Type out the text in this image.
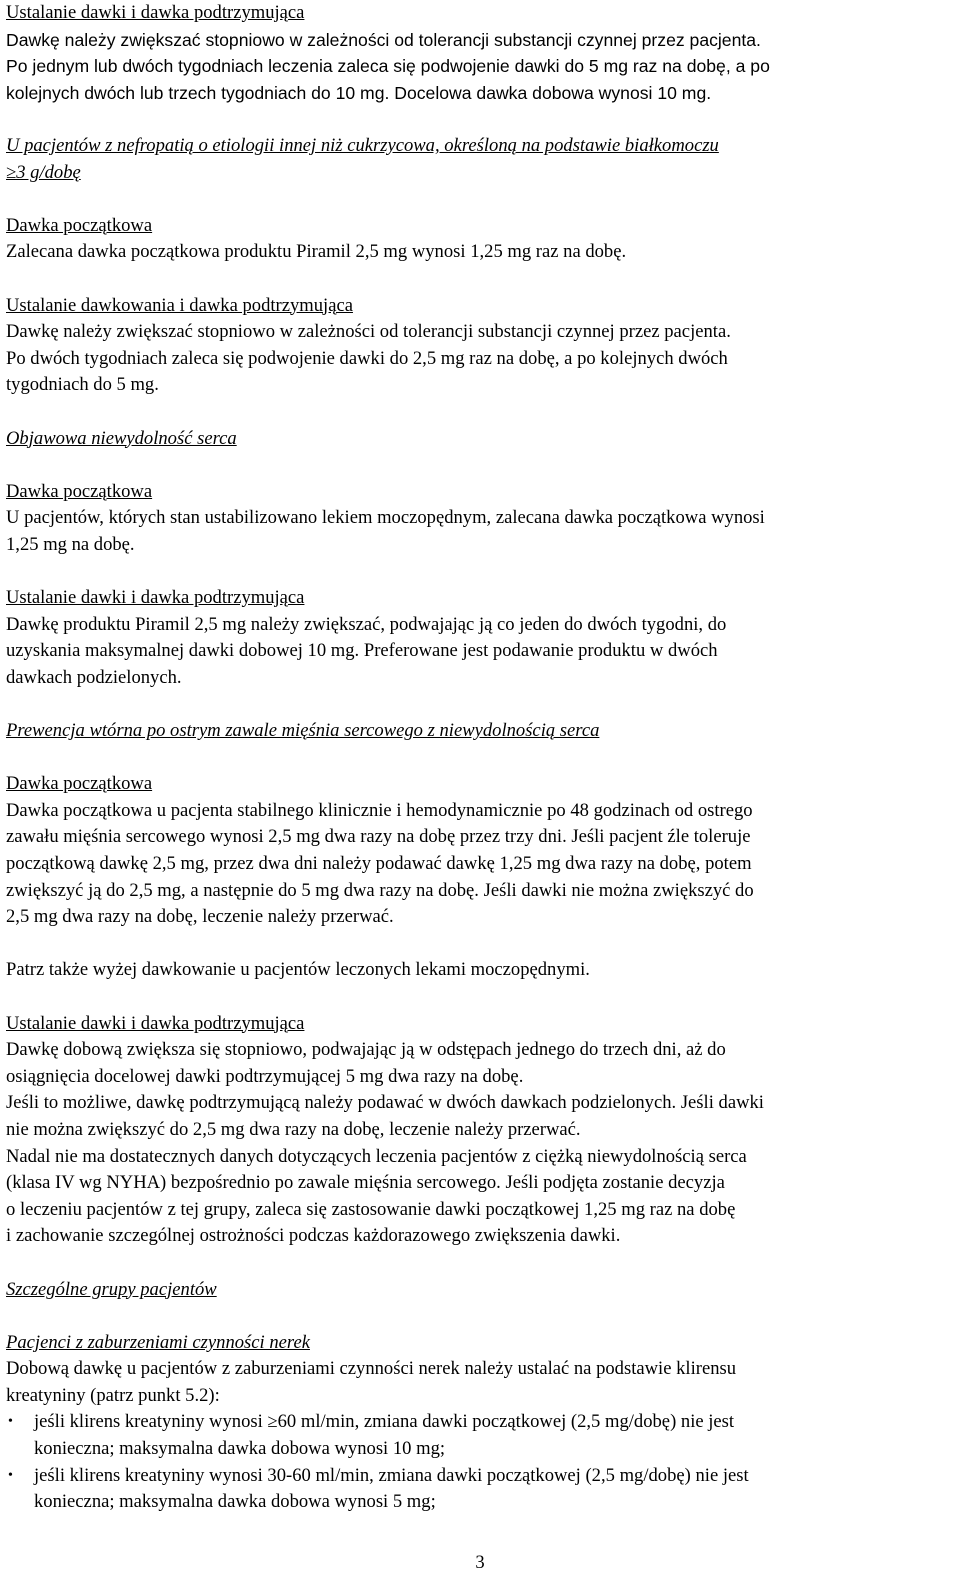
Ustalanie dawki i dawka podtrzymująca

Dawkę należy zwiększać stopniowo w zależności od tolerancji substancji czynnej przez pacjenta.

Po jednym lub dwóch tygodniach leczenia zaleca się podwojenie dawki do 5 mg raz na dobę, a po

kolejnych dwóch lub trzech tygodniach do 10 mg. Docelowa dawka dobowa wynosi 10 mg.

U pacjentów z nefropatią o etiologii innej niż cukrzycowa, określoną na podstawie białkomoczu

≥3 g/dobę

Dawka początkowa

Zalecana dawka początkowa produktu Piramil 2,5 mg wynosi 1,25 mg raz na dobę.

Ustalanie dawkowania i dawka podtrzymująca

Dawkę należy zwiększać stopniowo w zależności od tolerancji substancji czynnej przez pacjenta.

Po dwóch tygodniach zaleca się podwojenie dawki do 2,5 mg raz na dobę, a po kolejnych dwóch

tygodniach do 5 mg.

Objawowa niewydolność serca

Dawka początkowa

U pacjentów, których stan ustabilizowano lekiem moczopędnym, zalecana dawka początkowa wynosi

1,25 mg na dobę.

Ustalanie dawki i dawka podtrzymująca

Dawkę produktu Piramil 2,5 mg należy zwiększać, podwajając ją co jeden do dwóch tygodni, do

uzyskania maksymalnej dawki dobowej 10 mg. Preferowane jest podawanie produktu w dwóch

dawkach podzielonych.

Prewencja wtórna po ostrym zawale mięśnia sercowego z niewydolnością serca

Dawka początkowa

Dawka początkowa u pacjenta stabilnego klinicznie i hemodynamicznie po 48 godzinach od ostrego

zawału mięśnia sercowego wynosi 2,5 mg dwa razy na dobę przez trzy dni. Jeśli pacjent źle toleruje

początkową dawkę 2,5 mg, przez dwa dni należy podawać dawkę 1,25 mg dwa razy na dobę, potem

zwiększyć ją do 2,5 mg, a następnie do 5 mg dwa razy na dobę. Jeśli dawki nie można zwiększyć do

2,5 mg dwa razy na dobę, leczenie należy przerwać.

Patrz także wyżej dawkowanie u pacjentów leczonych lekami moczopędnymi.

Ustalanie dawki i dawka podtrzymująca

Dawkę dobową zwiększa się stopniowo, podwajając ją w odstępach jednego do trzech dni, aż do

osiągnięcia docelowej dawki podtrzymującej 5 mg dwa razy na dobę.

Jeśli to możliwe, dawkę podtrzymującą należy podawać w dwóch dawkach podzielonych. Jeśli dawki

nie można zwiększyć do 2,5 mg dwa razy na dobę, leczenie należy przerwać.

Nadal nie ma dostatecznych danych dotyczących leczenia pacjentów z ciężką niewydolnością serca

(klasa IV wg NYHA) bezpośrednio po zawale mięśnia sercowego. Jeśli podjęta zostanie decyzja

o leczeniu pacjentów z tej grupy, zaleca się zastosowanie dawki początkowej 1,25 mg raz na dobę

i zachowanie szczególnej ostrożności podczas każdorazowego zwiększenia dawki.

Szczególne grupy pacjentów

Pacjenci z zaburzeniami czynności nerek

Dobową dawkę u pacjentów z zaburzeniami czynności nerek należy ustalać na podstawie klirensu

kreatyniny (patrz punkt 5.2):

• jeśli klirens kreatyniny wynosi ≥60 ml/min, zmiana dawki początkowej (2,5 mg/dobę) nie jest
konieczna; maksymalna dawka dobowa wynosi 10 mg;
• jeśli klirens kreatyniny wynosi 30-60 ml/min, zmiana dawki początkowej (2,5 mg/dobę) nie jest
konieczna; maksymalna dawka dobowa wynosi 5 mg;
3
